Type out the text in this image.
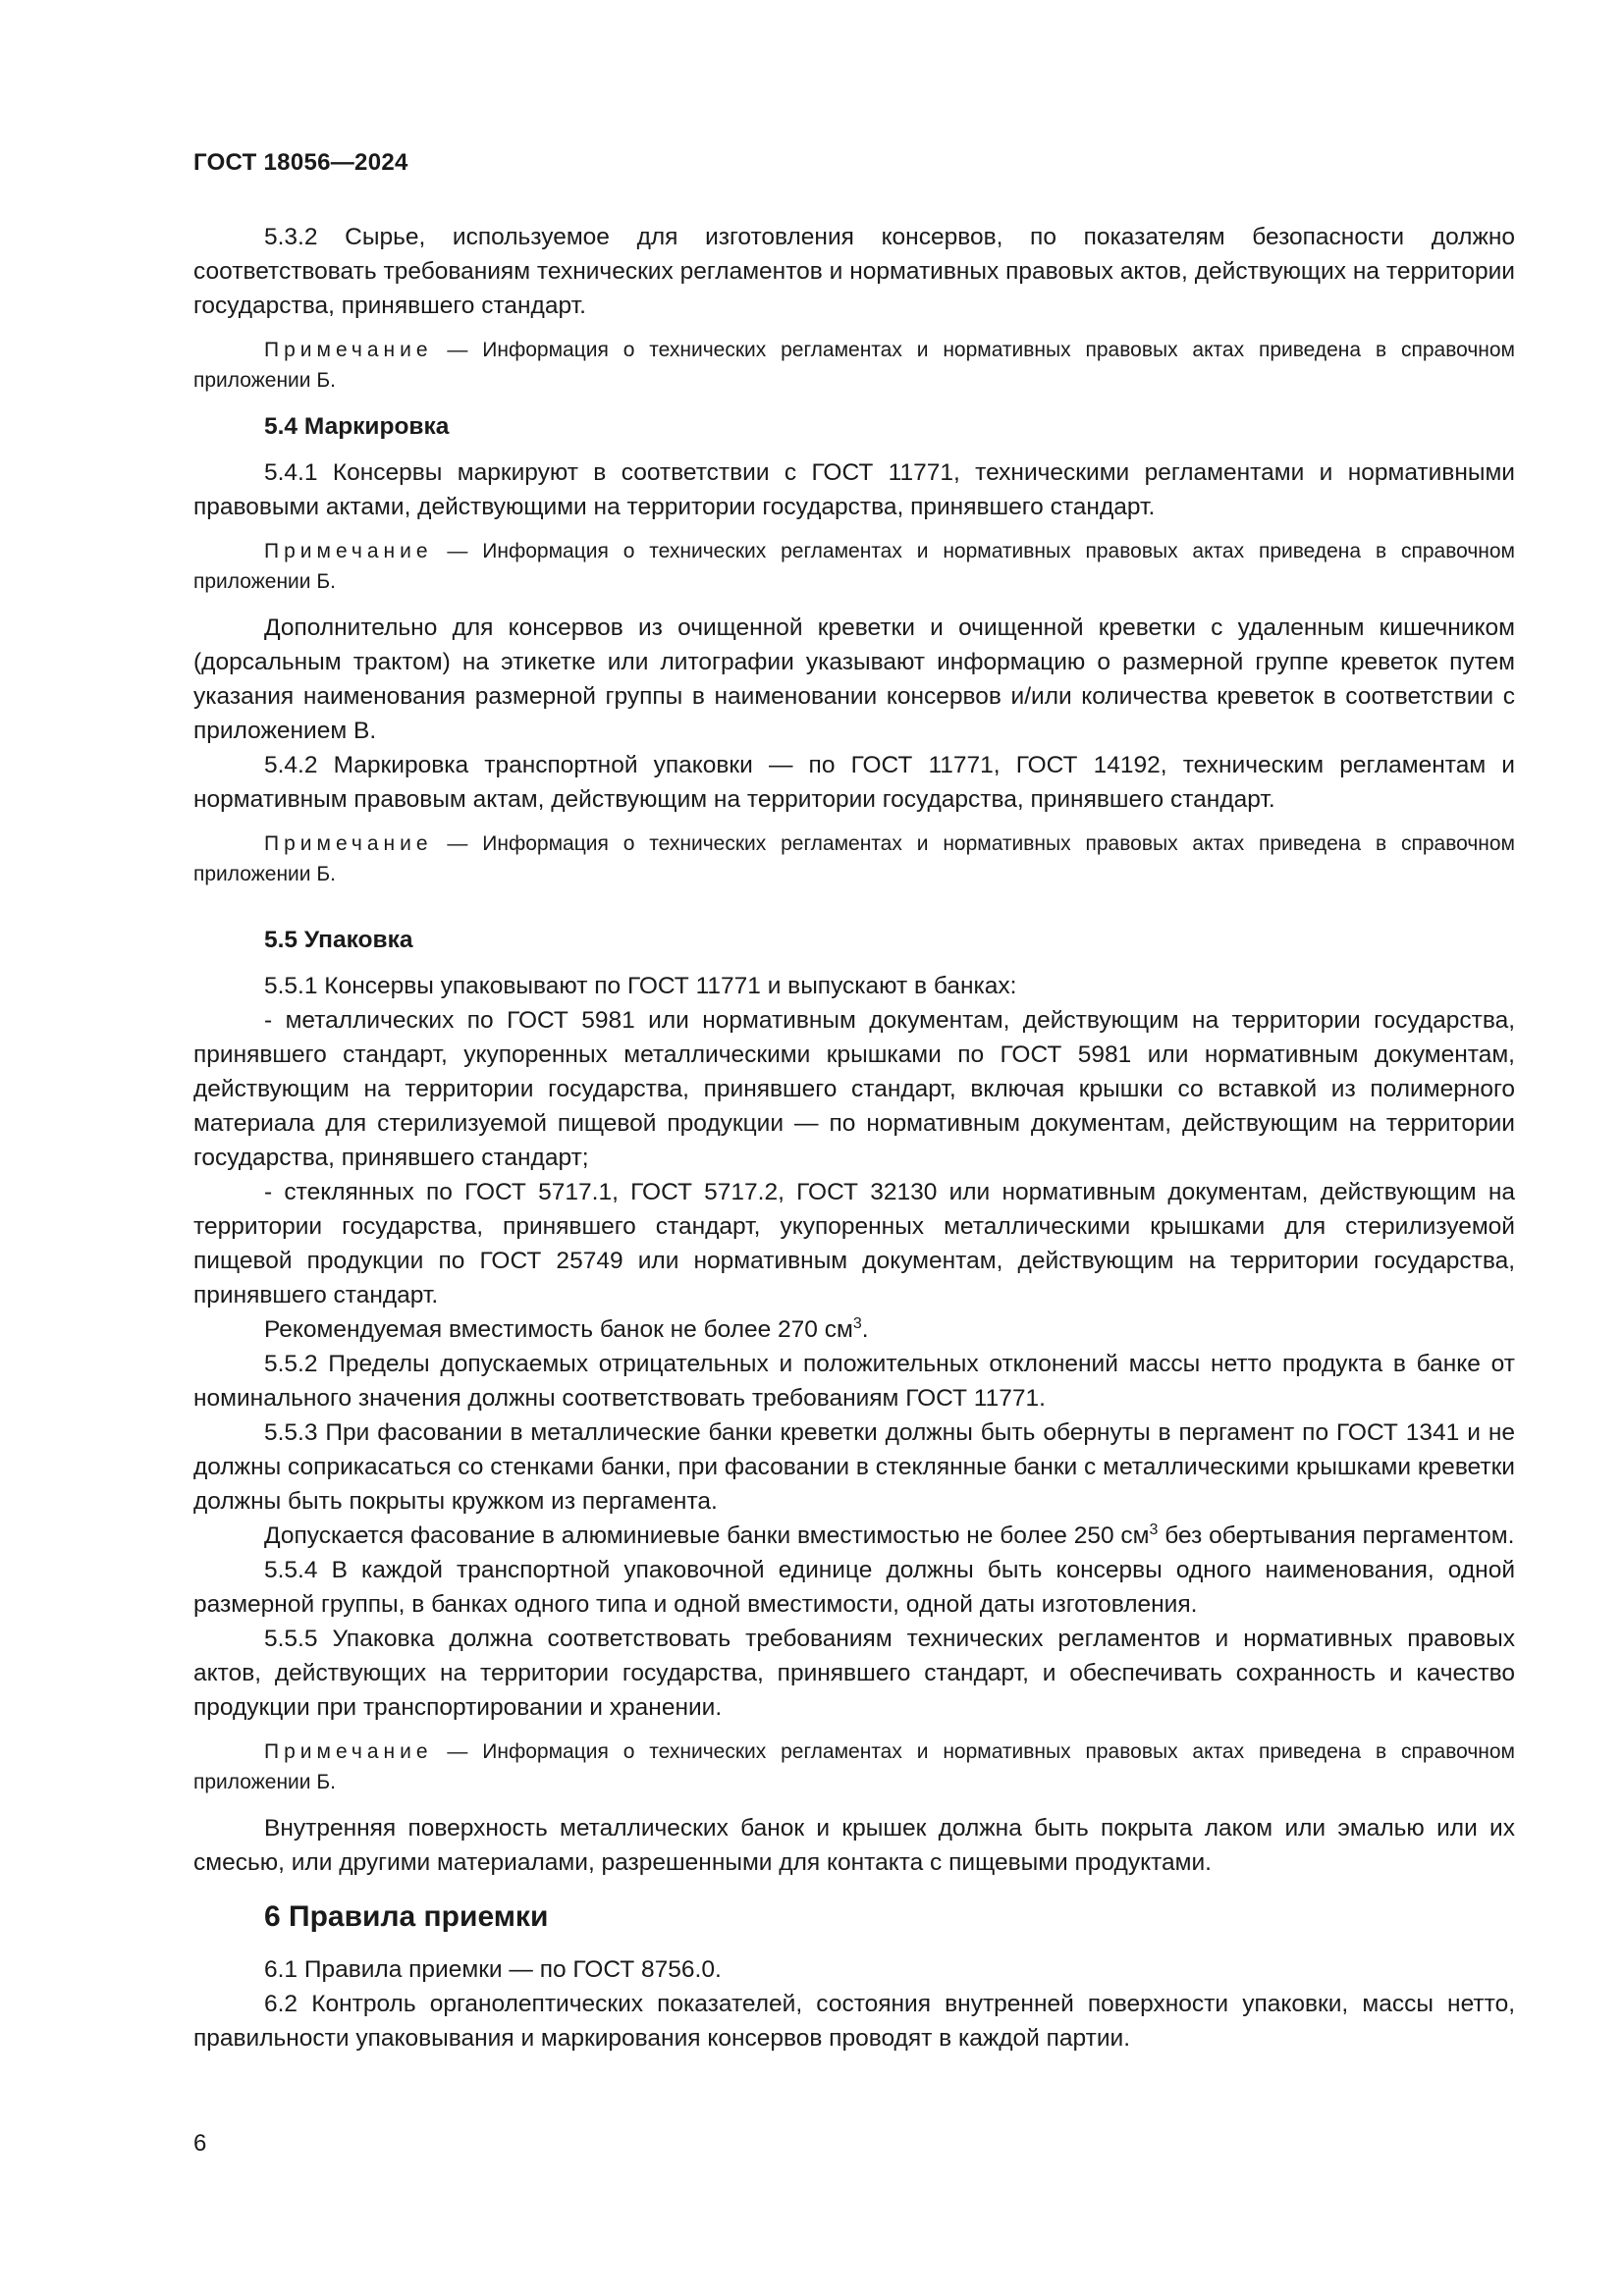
ГОСТ 18056—2024

5.3.2 Сырье, используемое для изготовления консервов, по показателям безопасности должно соответствовать требованиям технических регламентов и нормативных правовых актов, действующих на территории государства, принявшего стандарт.

Примечание — Информация о технических регламентах и нормативных правовых актах приведена в справочном приложении Б.

5.4 Маркировка

5.4.1 Консервы маркируют в соответствии с ГОСТ 11771, техническими регламентами и нормативными правовыми актами, действующими на территории государства, принявшего стандарт.

Примечание — Информация о технических регламентах и нормативных правовых актах приведена в справочном приложении Б.

Дополнительно для консервов из очищенной креветки и очищенной креветки с удаленным кишечником (дорсальным трактом) на этикетке или литографии указывают информацию о размерной группе креветок путем указания наименования размерной группы в наименовании консервов и/или количества креветок в соответствии с приложением В.

5.4.2 Маркировка транспортной упаковки — по ГОСТ 11771, ГОСТ 14192, техническим регламентам и нормативным правовым актам, действующим на территории государства, принявшего стандарт.

Примечание — Информация о технических регламентах и нормативных правовых актах приведена в справочном приложении Б.

5.5 Упаковка

5.5.1 Консервы упаковывают по ГОСТ 11771 и выпускают в банках:

- металлических по ГОСТ 5981 или нормативным документам, действующим на территории государства, принявшего стандарт, укупоренных металлическими крышками по ГОСТ 5981 или нормативным документам, действующим на территории государства, принявшего стандарт, включая крышки со вставкой из полимерного материала для стерилизуемой пищевой продукции — по нормативным документам, действующим на территории государства, принявшего стандарт;

- стеклянных по ГОСТ 5717.1, ГОСТ 5717.2, ГОСТ 32130 или нормативным документам, действующим на территории государства, принявшего стандарт, укупоренных металлическими крышками для стерилизуемой пищевой продукции по ГОСТ 25749 или нормативным документам, действующим на территории государства, принявшего стандарт.

Рекомендуемая вместимость банок не более 270 $см^3$.

5.5.2 Пределы допускаемых отрицательных и положительных отклонений массы нетто продукта в банке от номинального значения должны соответствовать требованиям ГОСТ 11771.

5.5.3 При фасовании в металлические банки креветки должны быть обернуты в пергамент по ГОСТ 1341 и не должны соприкасаться со стенками банки, при фасовании в стеклянные банки с металлическими крышками креветки должны быть покрыты кружком из пергамента.

Допускается фасование в алюминиевые банки вместимостью не более 250 $см^3$ без обертывания пергаментом.

5.5.4 В каждой транспортной упаковочной единице должны быть консервы одного наименования, одной размерной группы, в банках одного типа и одной вместимости, одной даты изготовления.

5.5.5 Упаковка должна соответствовать требованиям технических регламентов и нормативных правовых актов, действующих на территории государства, принявшего стандарт, и обеспечивать сохранность и качество продукции при транспортировании и хранении.

Примечание — Информация о технических регламентах и нормативных правовых актах приведена в справочном приложении Б.

Внутренняя поверхность металлических банок и крышек должна быть покрыта лаком или эмалью или их смесью, или другими материалами, разрешенными для контакта с пищевыми продуктами.

6 Правила приемки

6.1 Правила приемки — по ГОСТ 8756.0.

6.2 Контроль органолептических показателей, состояния внутренней поверхности упаковки, массы нетто, правильности упаковывания и маркирования консервов проводят в каждой партии.

6
